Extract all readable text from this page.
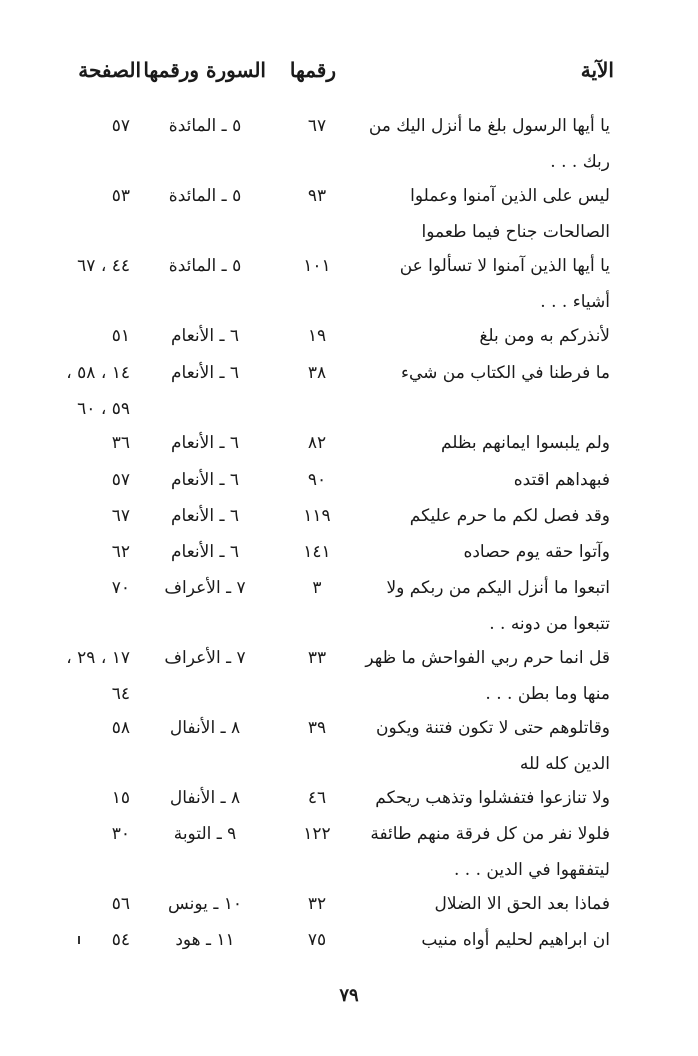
الآية
رقمها
السورة ورقمها
الصفحة
يا أيها الرسول بلغ ما أنزل اليك من ربك . . .
٦٧
٥ ـ المائدة
٥٧
ليس على الذين آمنوا وعملوا الصالحات جناح فيما طعموا
٩٣
٥ ـ المائدة
٥٣
يا أيها الذين آمنوا لا تسألوا عن أشياء . . .
١٠١
٥ ـ المائدة
٤٤ ، ٦٧
لأنذركم به ومن بلغ
١٩
٦ ـ الأنعام
٥١
ما فرطنا في الكتاب من شيء
٣٨
٦ ـ الأنعام
١٤ ، ٥٨ ، ٥٩ ، ٦٠
ولم يلبسوا ايمانهم بظلم
٨٢
٦ ـ الأنعام
٣٦
فبهداهم اقتده
٩٠
٦ ـ الأنعام
٥٧
وقد فصل لكم ما حرم عليكم
١١٩
٦ ـ الأنعام
٦٧
وآتوا حقه يوم حصاده
١٤١
٦ ـ الأنعام
٦٢
اتبعوا ما أنزل اليكم من ربكم ولا تتبعوا من دونه . .
٣
٧ ـ الأعراف
٧٠
قل انما حرم ربي الفواحش ما ظهر منها وما بطن . . .
٣٣
٧ ـ الأعراف
١٧ ، ٢٩ ، ٦٤
وقاتلوهم حتى لا تكون فتنة ويكون الدين كله لله
٣٩
٨ ـ الأنفال
٥٨
ولا تنازعوا فتفشلوا وتذهب ريحكم
٤٦
٨ ـ الأنفال
١٥
فلولا نفر من كل فرقة منهم طائفة ليتفقهوا في الدين . . .
١٢٢
٩ ـ التوبة
٣٠
فماذا بعد الحق الا الضلال
٣٢
١٠ ـ يونس
٥٦
ان ابراهيم لحليم أواه منيب
٧٥
١١ ـ هود
٥٤
٧٩
